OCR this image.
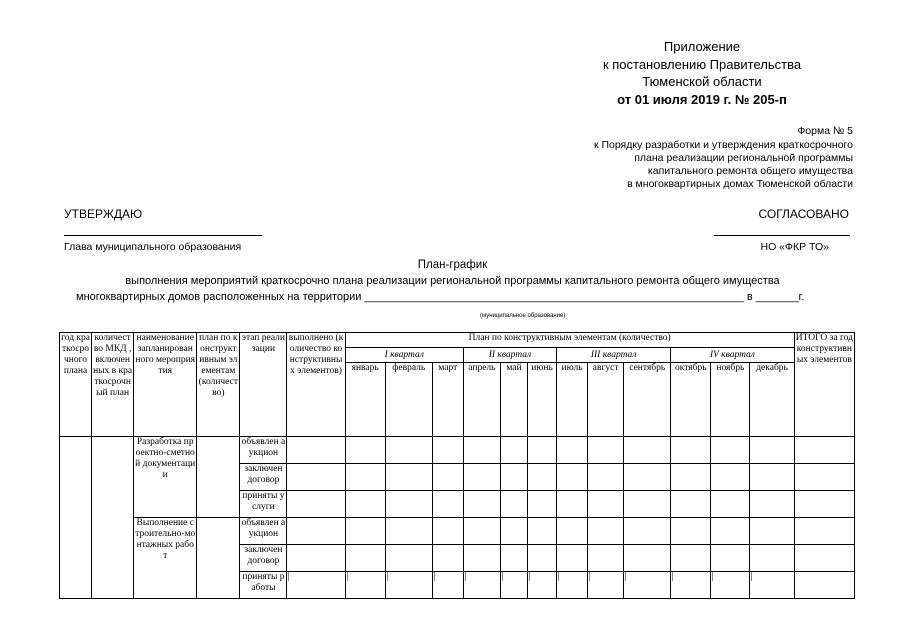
Приложение
к постановлению Правительства
Тюменской области
от 01 июля 2019 г. № 205-п
Форма № 5
к Порядку разработки и утверждения краткосрочного
плана реализации региональной программы
капитального ремонта общего имущества
в многоквартирных домах Тюменской области
УТВЕРЖДАЮ
Глава муниципального образования
СОГЛАСОВАНО
НО «ФКР ТО»
План-график
выполнения мероприятий краткосрочно плана реализации региональной программы капитального ремонта общего имущества
многоквартирных домов расположенных на территории ______________________________________________________________ в _______г.
(муниципальное образование)
год краткосрочного плана	количество МКД , включенных в краткосрочный план	наименование запланированного мероприятия	план по конструктивным элементам (количество)	этап реализации	выполнено (количество конструктивных элементов)	План по конструктивным элементам (количество)												ИТОГО за год конструктивных элементов
						I квартал			II квартал			III квартал			IV квартал			
						январь	февраль	март	апрель	май	июнь	июль	август	сентябрь	октябрь	ноябрь	декабрь	
		Разработка проектно-сметной документации		объявлен аукцион														
				заключен договор														
				приняты услуги														
		Выполнение строительно-монтажных работ		объявлен аукцион														
				заключен договор														
				приняты работы														
